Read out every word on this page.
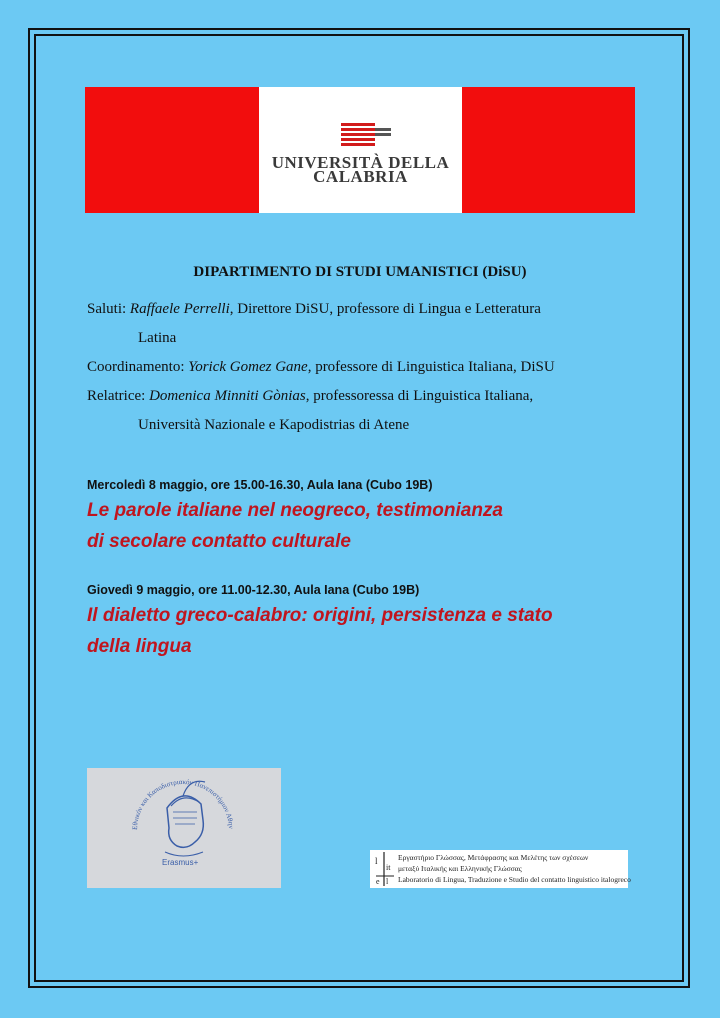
UNIVERSITÀ DELLA
CALABRIA
DIPARTIMENTO DI STUDI UMANISTICI (DiSU)
Saluti: Raffaele Perrelli, Direttore DiSU, professore di Lingua e Letteratura
Latina
Coordinamento: Yorick Gomez Gane, professore di Linguistica Italiana, DiSU
Relatrice: Domenica Minniti Gònias, professoressa di Linguistica Italiana,
Università Nazionale e Kapodistrias di Atene
Mercoledì 8 maggio, ore 15.00-16.30, Aula Iana (Cubo 19B)
Le parole italiane nel neogreco, testimonianza
di secolare contatto culturale
Giovedì 9 maggio, ore 11.00-12.30, Aula Iana (Cubo 19B)
Il dialetto greco-calabro: origini, persistenza e stato
della lingua
Εθνικόν και Καποδιστριακόν Πανεπιστήμιον Αθην
Erasmus+	l
it
e l
Εργαστήριο Γλώσσας, Μετάφρασης και Μελέτης των σχέσεων
μεταξύ Ιταλικής και Ελληνικής Γλώσσας
Laboratorio di Lingua, Traduzione e Studio del contatto linguistico italogreco
